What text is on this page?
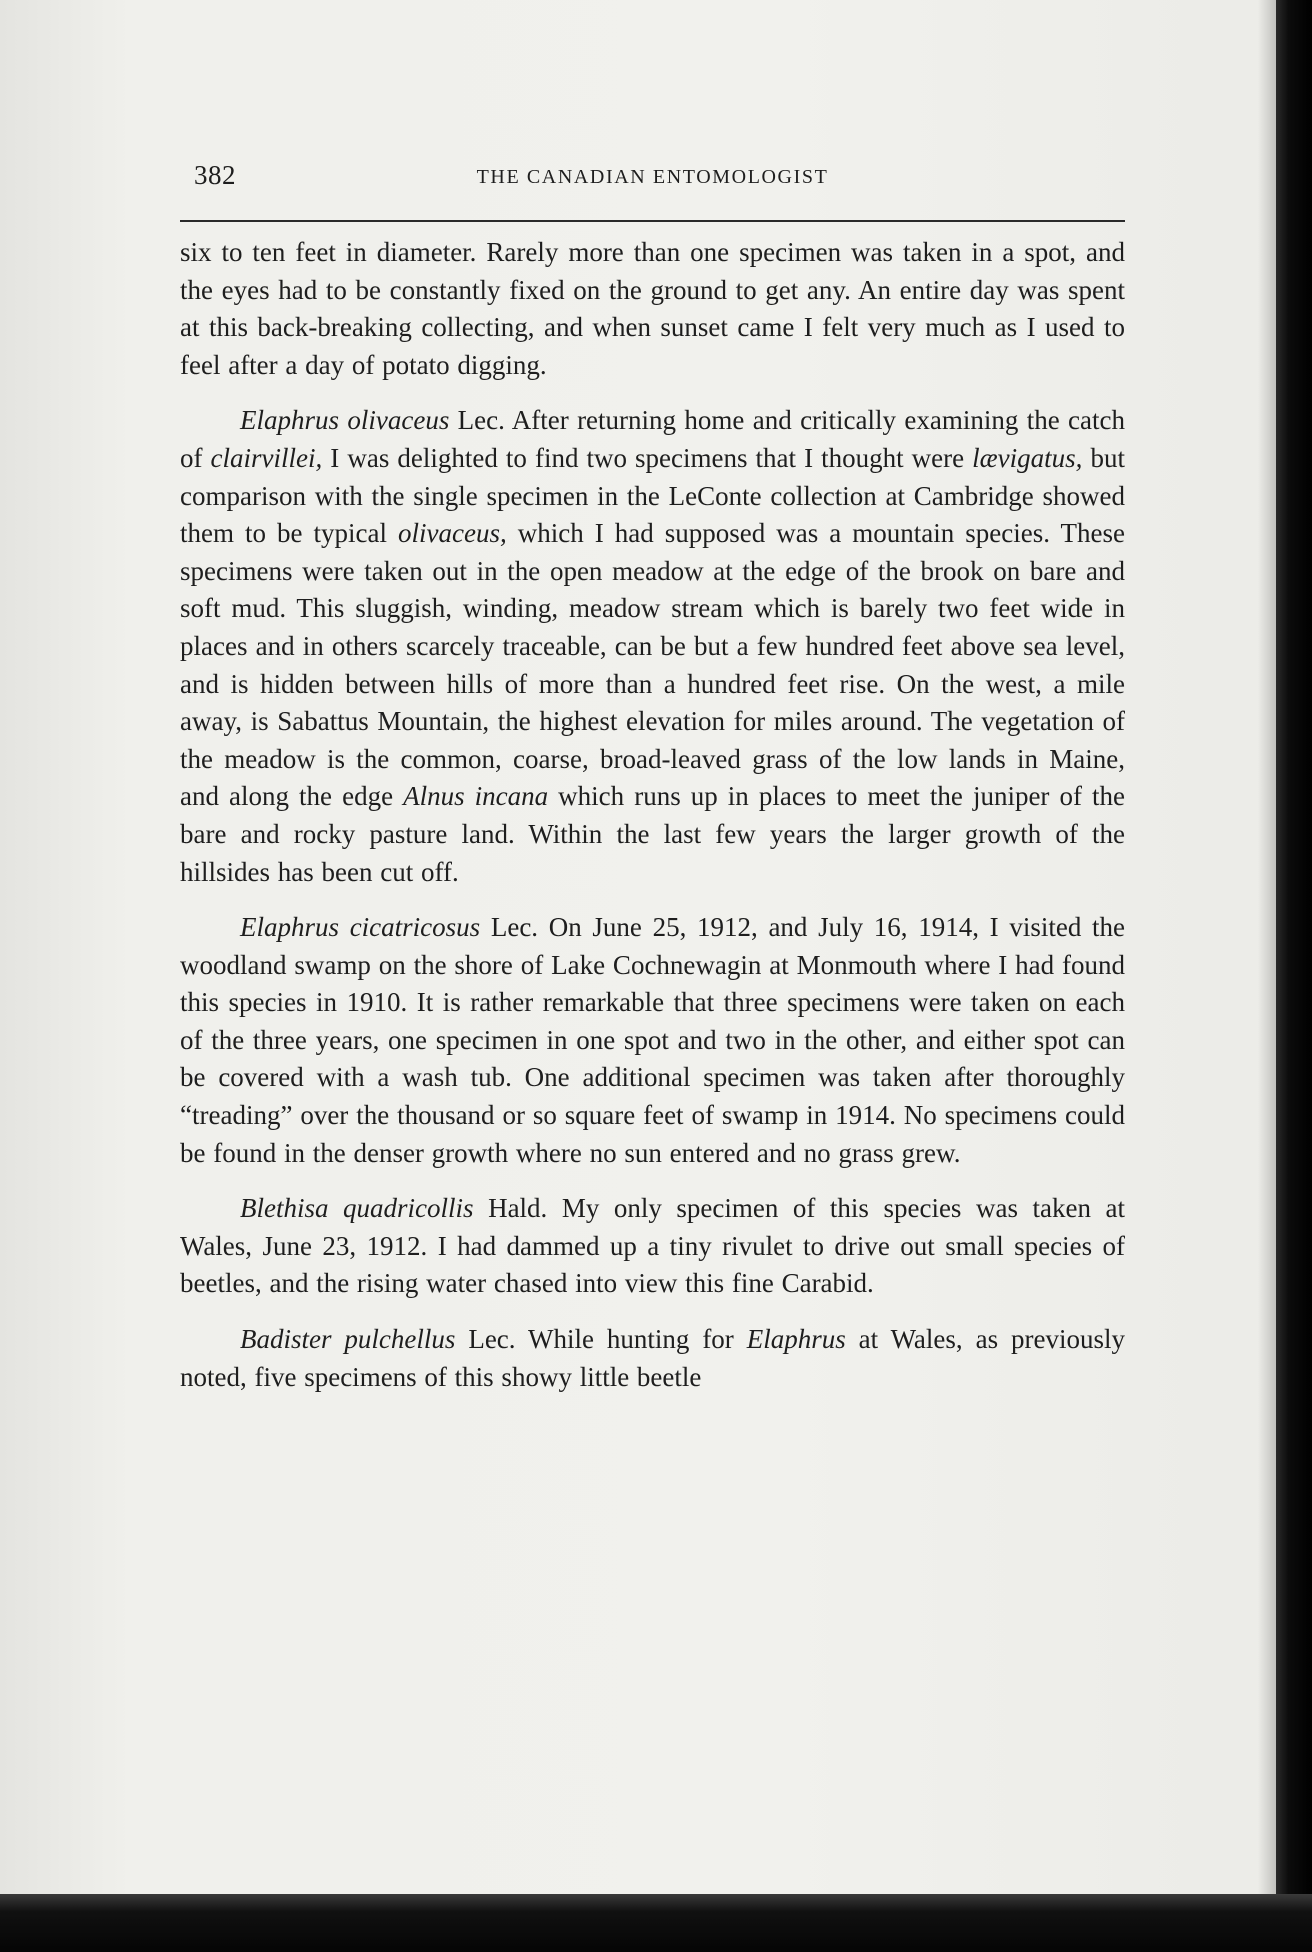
382	THE CANADIAN ENTOMOLOGIST

six to ten feet in diameter. Rarely more than one specimen was taken in a spot, and the eyes had to be constantly fixed on the ground to get any. An entire day was spent at this back-breaking collecting, and when sunset came I felt very much as I used to feel after a day of potato digging.

Elaphrus olivaceus Lec. After returning home and critically examining the catch of clairvillei, I was delighted to find two specimens that I thought were lævigatus, but comparison with the single specimen in the LeConte collection at Cambridge showed them to be typical olivaceus, which I had supposed was a mountain species. These specimens were taken out in the open meadow at the edge of the brook on bare and soft mud. This sluggish, winding, meadow stream which is barely two feet wide in places and in others scarcely traceable, can be but a few hundred feet above sea level, and is hidden between hills of more than a hundred feet rise. On the west, a mile away, is Sabattus Mountain, the highest elevation for miles around. The vegetation of the meadow is the common, coarse, broad-leaved grass of the low lands in Maine, and along the edge Alnus incana which runs up in places to meet the juniper of the bare and rocky pasture land. Within the last few years the larger growth of the hillsides has been cut off.

Elaphrus cicatricosus Lec. On June 25, 1912, and July 16, 1914, I visited the woodland swamp on the shore of Lake Cochnewagin at Monmouth where I had found this species in 1910. It is rather remarkable that three specimens were taken on each of the three years, one specimen in one spot and two in the other, and either spot can be covered with a wash tub. One additional specimen was taken after thoroughly “treading” over the thousand or so square feet of swamp in 1914. No specimens could be found in the denser growth where no sun entered and no grass grew.

Blethisa quadricollis Hald. My only specimen of this species was taken at Wales, June 23, 1912. I had dammed up a tiny rivulet to drive out small species of beetles, and the rising water chased into view this fine Carabid.

Badister pulchellus Lec. While hunting for Elaphrus at Wales, as previously noted, five specimens of this showy little beetle
